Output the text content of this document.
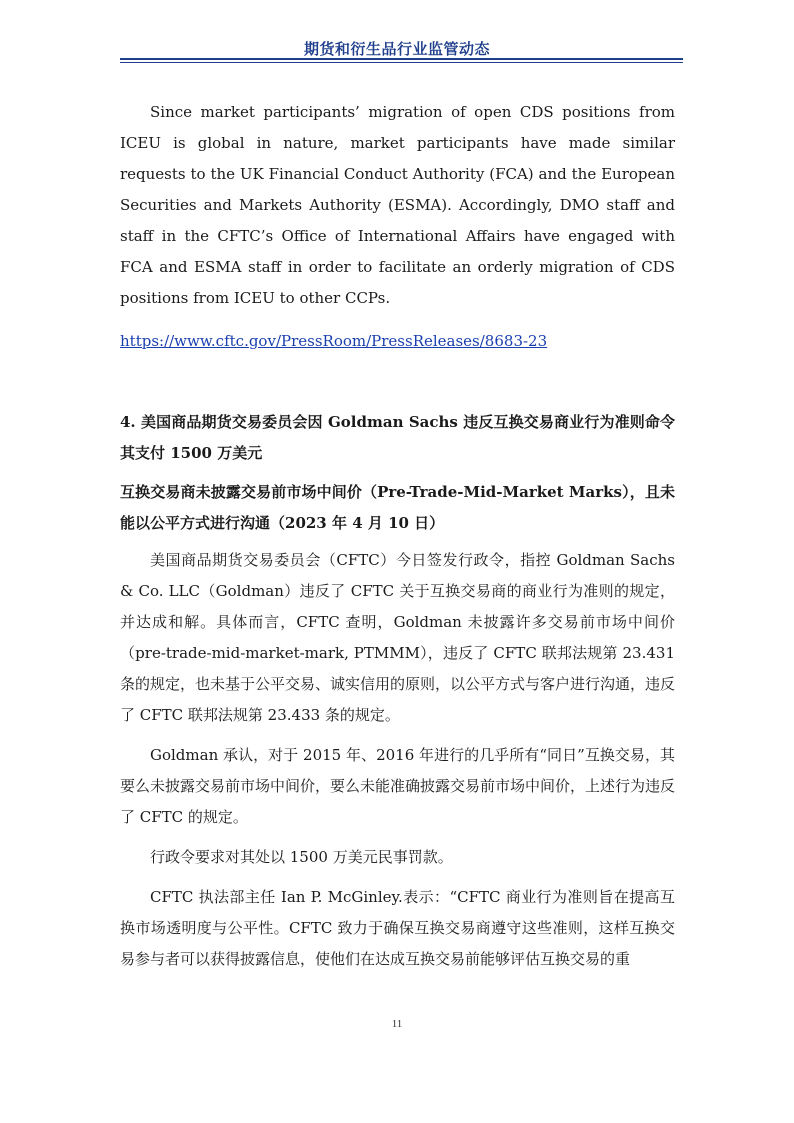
期货和衍生品行业监管动态

Since market participants’ migration of open CDS positions from ICEU is global in nature, market participants have made similar requests to the UK Financial Conduct Authority (FCA) and the European Securities and Markets Authority (ESMA). Accordingly, DMO staff and staff in the CFTC’s Office of International Affairs have engaged with FCA and ESMA staff in order to facilitate an orderly migration of CDS positions from ICEU to other CCPs.

https://www.cftc.gov/PressRoom/PressReleases/8683-23

4. 美国商品期货交易委员会因 Goldman Sachs 违反互换交易商业行为准则命令其支付 1500 万美元

互换交易商未披露交易前市场中间价（Pre-Trade-Mid-Market Marks），且未能以公平方式进行沟通（2023 年 4 月 10 日）

美国商品期货交易委员会（CFTC）今日签发行政令，指控 Goldman Sachs & Co. LLC（Goldman）违反了 CFTC 关于互换交易商的商业行为准则的规定，并达成和解。具体而言，CFTC 查明，Goldman 未披露许多交易前市场中间价（pre-trade-mid-market-mark, PTMMM），违反了 CFTC 联邦法规第 23.431 条的规定，也未基于公平交易、诚实信用的原则，以公平方式与客户进行沟通，违反了 CFTC 联邦法规第 23.433 条的规定。

Goldman 承认，对于 2015 年、2016 年进行的几乎所有“同日”互换交易，其要么未披露交易前市场中间价，要么未能准确披露交易前市场中间价，上述行为违反了 CFTC 的规定。

行政令要求对其处以 1500 万美元民事罚款。

CFTC 执法部主任 Ian P. McGinley.表示：“CFTC 商业行为准则旨在提高互换市场透明度与公平性。CFTC 致力于确保互换交易商遵守这些准则，这样互换交易参与者可以获得披露信息，使他们在达成互换交易前能够评估互换交易的重

11
